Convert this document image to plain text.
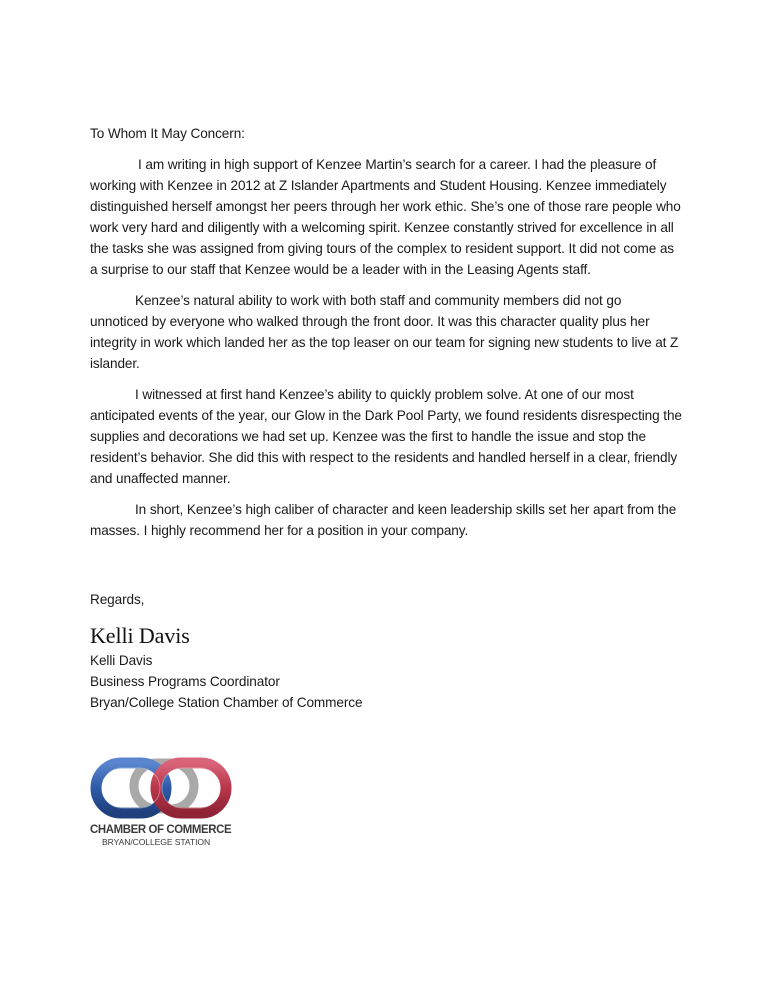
To Whom It May Concern:

I am writing in high support of Kenzee Martin’s search for a career. I had the pleasure of working with Kenzee in 2012 at Z Islander Apartments and Student Housing. Kenzee immediately distinguished herself amongst her peers through her work ethic. She’s one of those rare people who work very hard and diligently with a welcoming spirit. Kenzee constantly strived for excellence in all the tasks she was assigned from giving tours of the complex to resident support. It did not come as a surprise to our staff that Kenzee would be a leader with in the Leasing Agents staff.

Kenzee’s natural ability to work with both staff and community members did not go unnoticed by everyone who walked through the front door. It was this character quality plus her integrity in work which landed her as the top leaser on our team for signing new students to live at Z islander.

I witnessed at first hand Kenzee’s ability to quickly problem solve. At one of our most anticipated events of the year, our Glow in the Dark Pool Party, we found residents disrespecting the supplies and decorations we had set up. Kenzee was the first to handle the issue and stop the resident’s behavior. She did this with respect to the residents and handled herself in a clear, friendly and unaffected manner.

In short, Kenzee’s high caliber of character and keen leadership skills set her apart from the masses. I highly recommend her for a position in your company.

Regards,

Kelli Davis

Kelli Davis

Business Programs Coordinator

Bryan/College Station Chamber of Commerce

CHAMBER OF COMMERCE
BRYAN/COLLEGE STATION
